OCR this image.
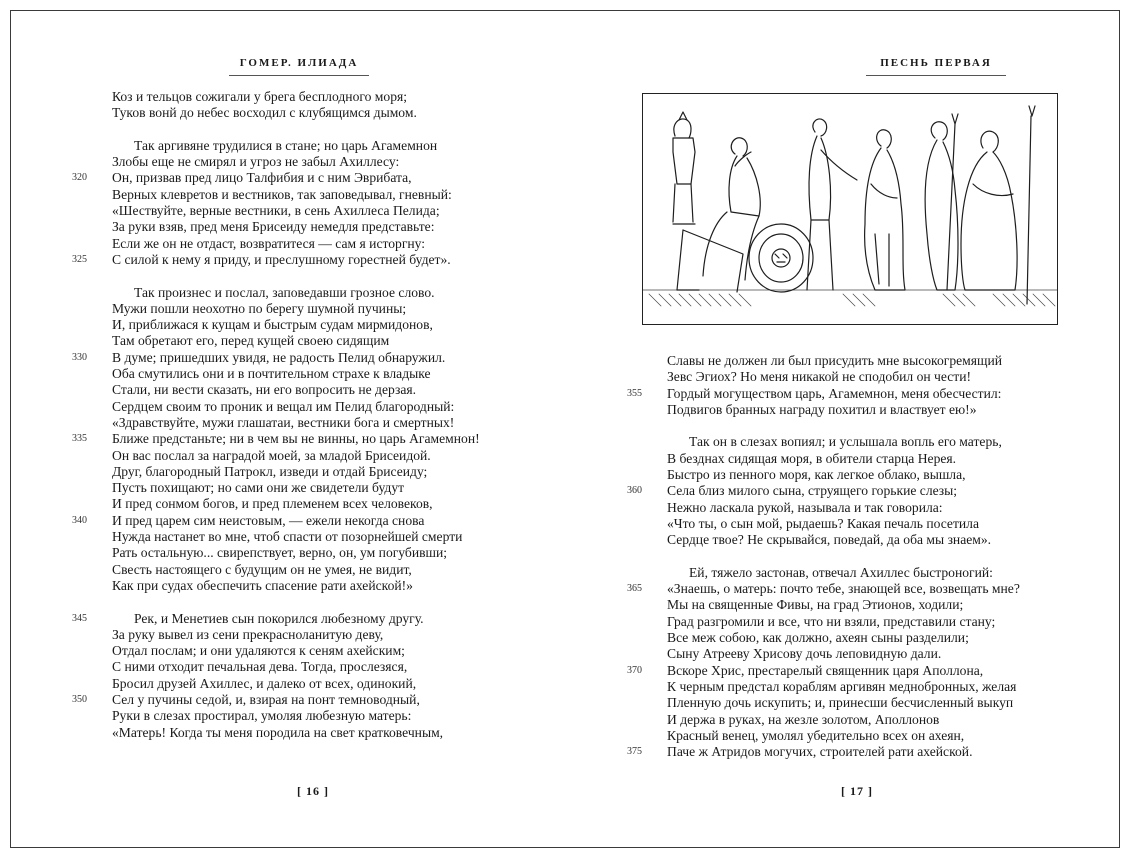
ГОМЕР. ИЛИАДА
Коз и тельцов сожигали у брега бесплодного моря;
Туков вонй до небес восходил с клубящимся дымом.
Так аргивяне трудилися в стане; но царь Агамемнон
Злобы еще не смирял и угроз не забыл Ахиллесу:
320	Он, призвав пред лицо Талфибия и с ним Эврибата,
Верных клевретов и вестников, так заповедывал, гневный:
«Шествуйте, верные вестники, в сень Ахиллеса Пелида;
За руки взяв, пред меня Брисеиду немедля представьте:
Если же он не отдаст, возвратитеся — сам я исторгну:
325	С силой к нему я приду, и преслушному горестней будет».
Так произнес и послал, заповедавши грозное слово.
Мужи пошли неохотно по берегу шумной пучины;
И, приближася к кущам и быстрым судам мирмидонов,
Там обретают его, перед кущей своею сидящим
330	В думе; пришедших увидя, не радость Пелид обнаружил.
Оба смутились они и в почтительном страхе к владыке
Стали, ни вести сказать, ни его вопросить не дерзая.
Сердцем своим то проник и вещал им Пелид благородный:
«Здравствуйте, мужи глашатаи, вестники бога и смертных!
335	Ближе предстаньте; ни в чем вы не винны, но царь Агамемнон!
Он вас послал за наградой моей, за младой Брисеидой.
Друг, благородный Патрокл, изведи и отдай Брисеиду;
Пусть похищают; но сами они же свидетели будут
И пред сонмом богов, и пред племенем всех человеков,
340	И пред царем сим неистовым, — ежели некогда снова
Нужда настанет во мне, чтоб спасти от позорнейшей смерти
Рать остальную... свирепствует, верно, он, ум погубивши;
Свесть настоящего с будущим он не умея, не видит,
Как при судах обеспечить спасение рати ахейской!»
345	Рек, и Менетиев сын покорился любезному другу.
За руку вывел из сени прекраснолaнитую деву,
Отдал послам; и они удаляются к сеням ахейским;
С ними отходит печальная дева. Тогда, прослезяся,
Бросил друзей Ахиллес, и далеко от всех, одинокий,
350	Сел у пучины седой, и, взирая на понт темноводный,
Руки в слезах простирал, умоляя любезную матерь:
«Матерь! Когда ты меня породила на свет кратковечным,
[ 16 ]
ПЕСНЬ ПЕРВАЯ
Славы не должен ли был присудить мне высокогремящий
Зевс Эгиох? Но меня никакой не сподобил он чести!
355	Гордый могуществом царь, Агамемнон, меня обесчестил:
Подвигов бранных награду похитил и властвует ею!»
Так он в слезах вопиял; и услышала вопль его матерь,
В безднах сидящая моря, в обители старца Нерея.
Быстро из пенного моря, как легкое облако, вышла,
360	Села близ милого сына, струящего горькие слезы;
Нежно ласкала рукой, называла и так говорила:
«Что ты, о сын мой, рыдаешь? Какая печаль посетила
Сердце твое? Не скрывайся, поведай, да оба мы знаем».
Ей, тяжело застонав, отвечал Ахиллес быстроногий:
365	«Знаешь, о матерь: почто тебе, знающей все, возвещать мне?
Мы на священные Фивы, на град Этионов, ходили;
Град разгромили и все, что ни взяли, представили стану;
Все меж собою, как должно, ахеян сыны разделили;
Сыну Атрееву Хрисову дочь леповидную дали.
370	Вскоре Хрис, престарелый священник царя Аполлона,
К черным предстал кораблям аргивян меднобронных, желая
Пленную дочь искупить; и, принесши бесчисленный выкуп
И держа в руках, на жезле золотом, Аполлонов
Красный венец, умолял убедительно всех он ахеян,
375	Паче ж Атридов могучих, строителей рати ахейской.
[ 17 ]
